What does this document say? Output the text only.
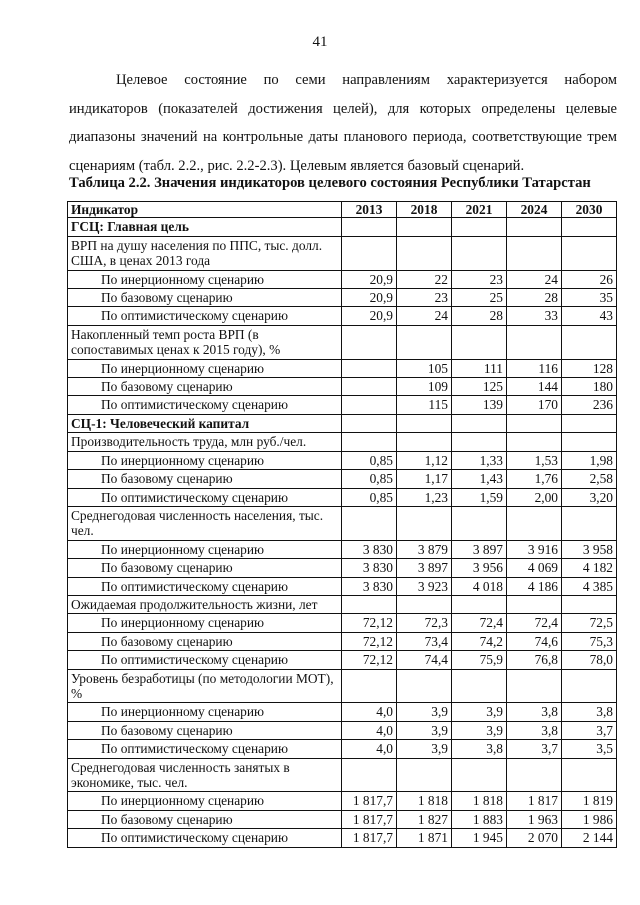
41

Целевое состояние по семи направлениям характеризуется набором индикаторов (показателей достижения целей), для которых определены целевые диапазоны значений на контрольные даты планового периода, соответствующие трем сценариям (табл. 2.2., рис. 2.2-2.3). Целевым является базовый сценарий.

Таблица 2.2. Значения индикаторов целевого состояния Республики Татарстан
Индикатор	2013	2018	2021	2024	2030
ГСЦ: Главная цель					
ВРП на душу населения по ППС, тыс. долл. США, в ценах 2013 года					
По инерционному сценарию	20,9	22	23	24	26
По базовому сценарию	20,9	23	25	28	35
По оптимистическому сценарию	20,9	24	28	33	43
Накопленный темп роста ВРП (в сопоставимых ценах к 2015 году), %					
По инерционному сценарию		105	111	116	128
По базовому сценарию		109	125	144	180
По оптимистическому сценарию		115	139	170	236
СЦ-1: Человеческий капитал					
Производительность труда, млн руб./чел.					
По инерционному сценарию	0,85	1,12	1,33	1,53	1,98
По базовому сценарию	0,85	1,17	1,43	1,76	2,58
По оптимистическому сценарию	0,85	1,23	1,59	2,00	3,20
Среднегодовая численность населения, тыс. чел.					
По инерционному сценарию	3 830	3 879	3 897	3 916	3 958
По базовому сценарию	3 830	3 897	3 956	4 069	4 182
По оптимистическому сценарию	3 830	3 923	4 018	4 186	4 385
Ожидаемая продолжительность жизни, лет					
По инерционному сценарию	72,12	72,3	72,4	72,4	72,5
По базовому сценарию	72,12	73,4	74,2	74,6	75,3
По оптимистическому сценарию	72,12	74,4	75,9	76,8	78,0
Уровень безработицы (по методологии МОТ), %					
По инерционному сценарию	4,0	3,9	3,9	3,8	3,8
По базовому сценарию	4,0	3,9	3,9	3,8	3,7
По оптимистическому сценарию	4,0	3,9	3,8	3,7	3,5
Среднегодовая численность занятых в экономике, тыс. чел.					
По инерционному сценарию	1 817,7	1 818	1 818	1 817	1 819
По базовому сценарию	1 817,7	1 827	1 883	1 963	1 986
По оптимистическому сценарию	1 817,7	1 871	1 945	2 070	2 144
